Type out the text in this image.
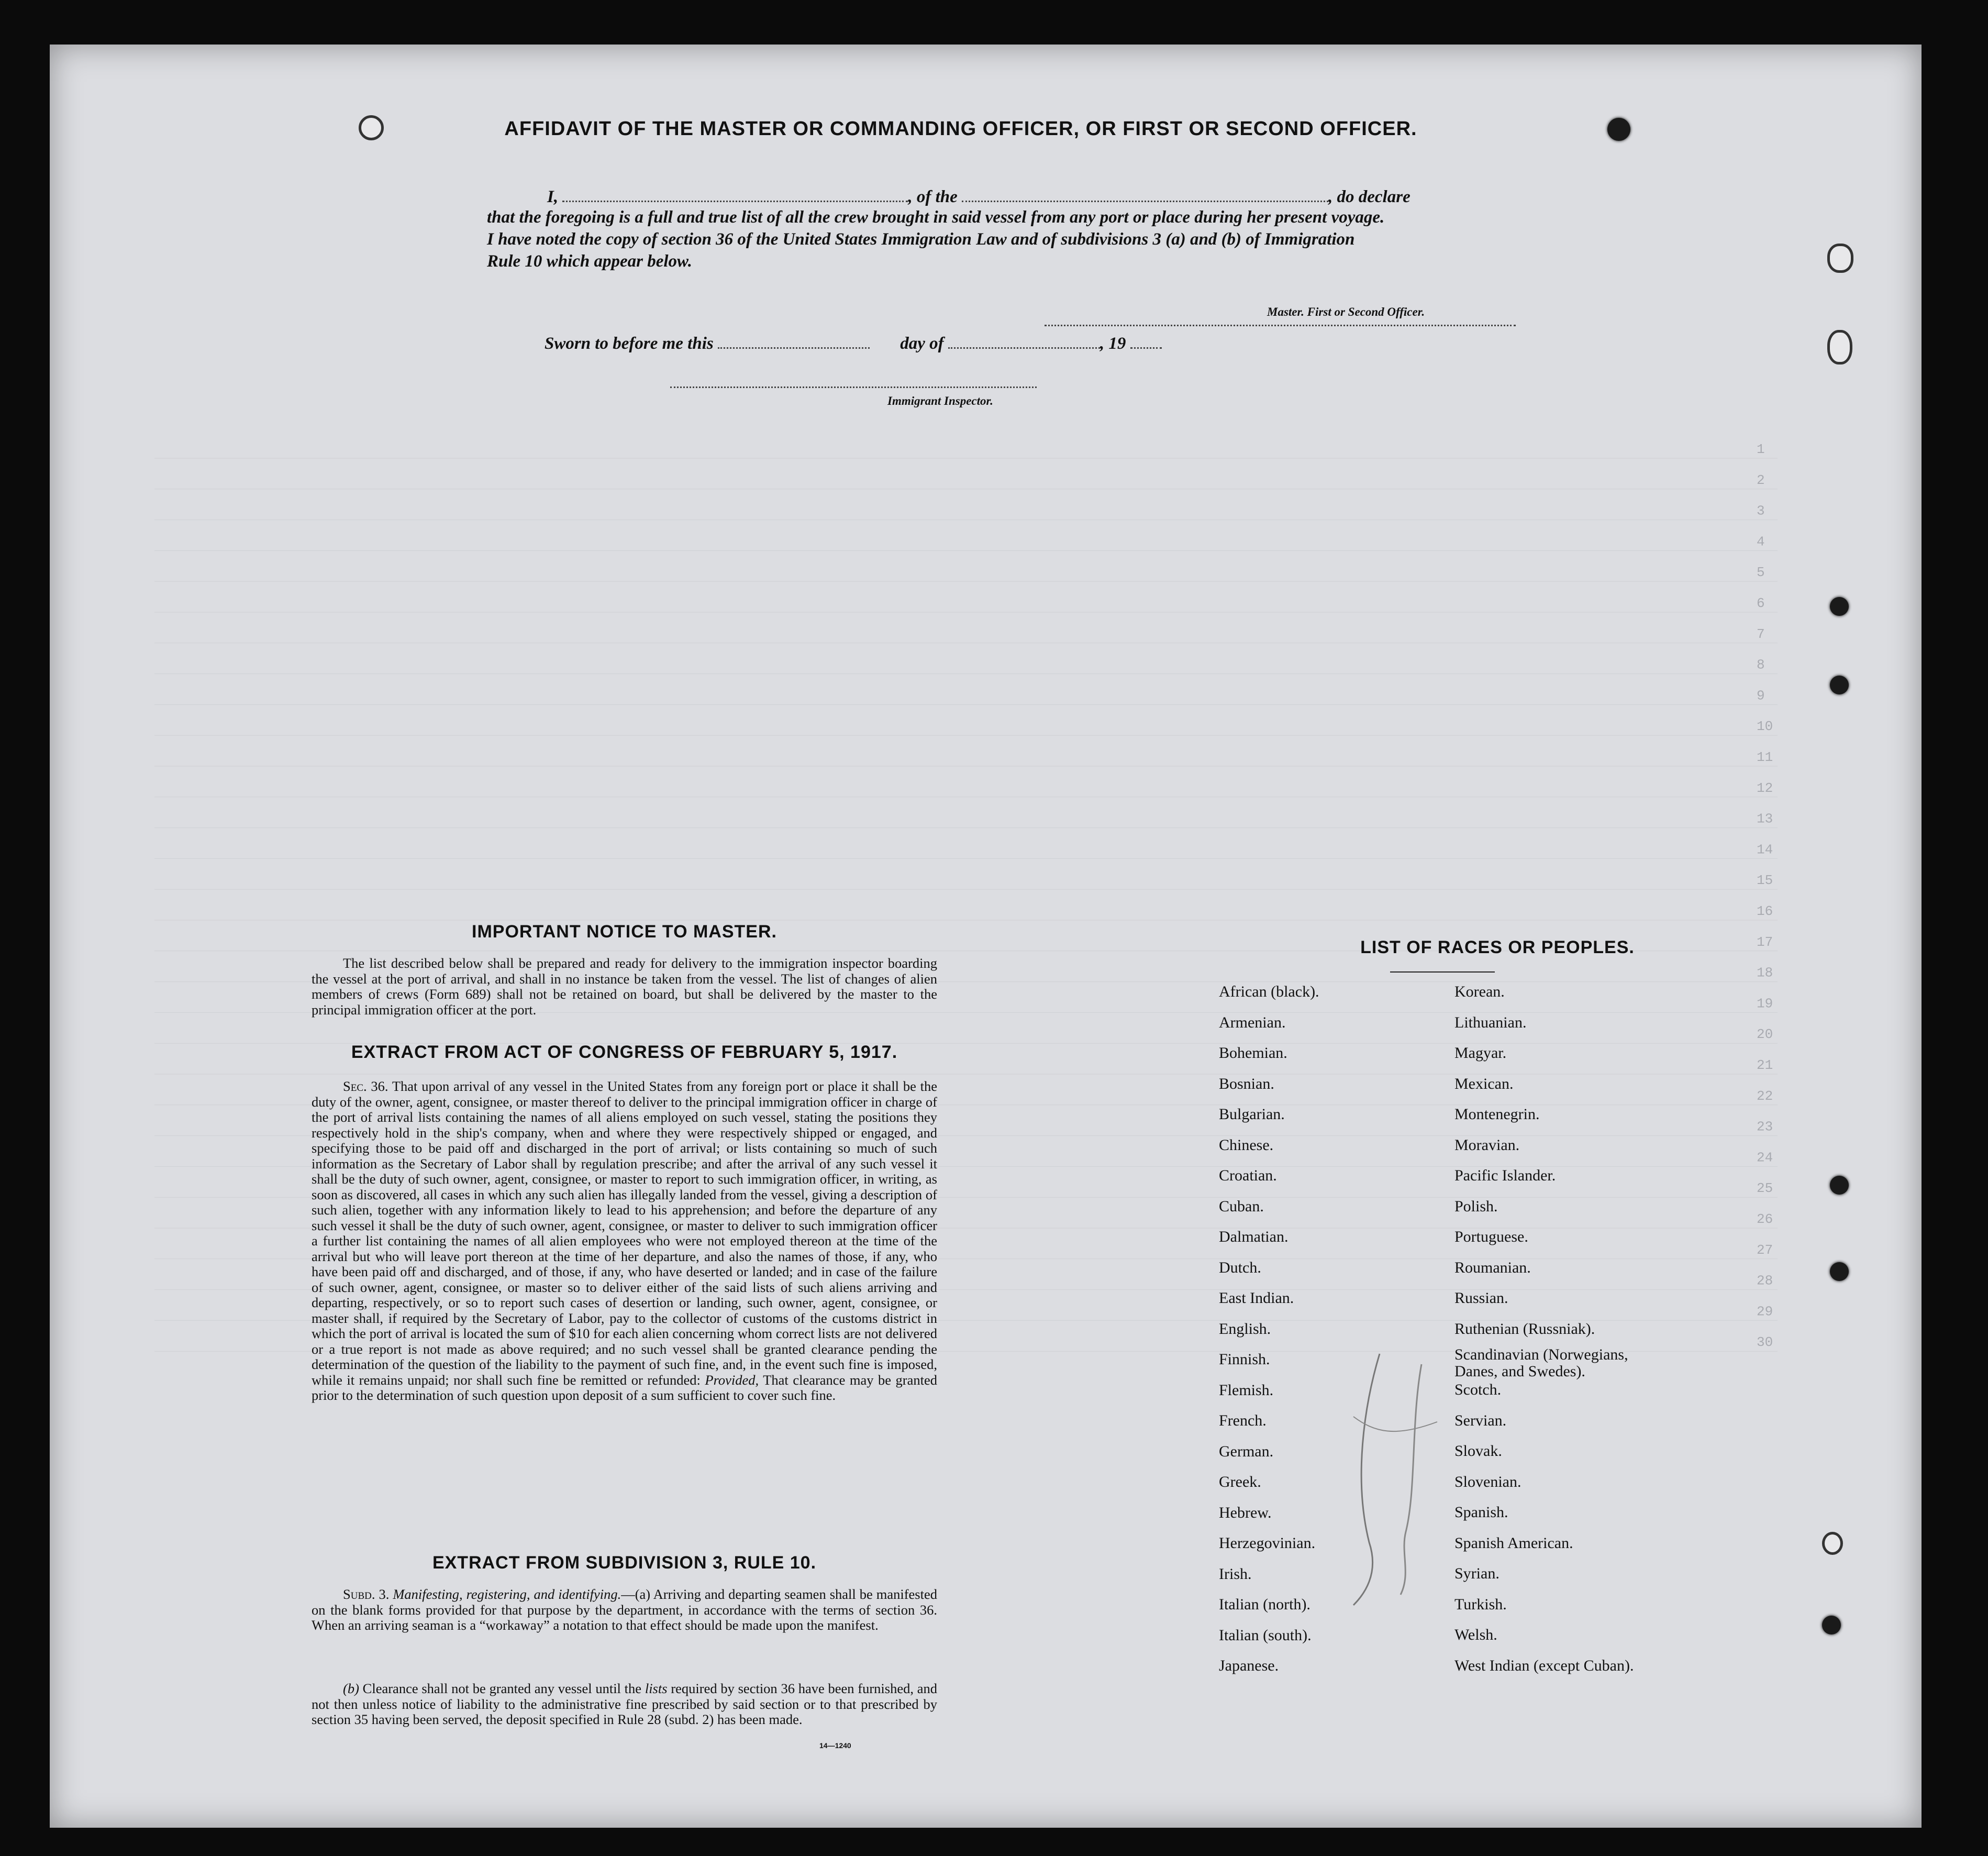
1
2
3
4
5
6
7
8
9
10
11
12
13
14
15
16
17
18
19
20
21
22
23
24
25
26
27
28
29
30
AFFIDAVIT OF THE MASTER OR COMMANDING OFFICER, OR FIRST OR SECOND OFFICER.
I,	, of the	, do declare
that the foregoing is a full and true list of all the crew brought in said vessel from any port or place during her present voyage.
I have noted the copy of section 36 of the United States Immigration Law and of subdivisions 3 (a) and (b) of Immigration
Rule 10 which appear below.
Master. First or Second Officer.
Sworn to before me this	day of	, 19
Immigrant Inspector.
IMPORTANT NOTICE TO MASTER.
The list described below shall be prepared and ready for delivery to the immigration inspector boarding the vessel at the port of arrival, and shall in no instance be taken from the vessel. The list of changes of alien members of crews (Form 689) shall not be retained on board, but shall be delivered by the master to the principal immigration officer at the port.
EXTRACT FROM ACT OF CONGRESS OF FEBRUARY 5, 1917.
Sec. 36. That upon arrival of any vessel in the United States from any foreign port or place it shall be the duty of the owner, agent, consignee, or master thereof to deliver to the principal immigration officer in charge of the port of arrival lists containing the names of all aliens employed on such vessel, stating the positions they respectively hold in the ship's company, when and where they were respectively shipped or engaged, and specifying those to be paid off and discharged in the port of arrival; or lists containing so much of such information as the Secretary of Labor shall by regulation prescribe; and after the arrival of any such vessel it shall be the duty of such owner, agent, consignee, or master to report to such immigration officer, in writing, as soon as discovered, all cases in which any such alien has illegally landed from the vessel, giving a description of such alien, together with any information likely to lead to his apprehension; and before the departure of any such vessel it shall be the duty of such owner, agent, consignee, or master to deliver to such immigration officer a further list containing the names of all alien employees who were not employed thereon at the time of the arrival but who will leave port thereon at the time of her departure, and also the names of those, if any, who have been paid off and discharged, and of those, if any, who have deserted or landed; and in case of the failure of such owner, agent, consignee, or master so to deliver either of the said lists of such aliens arriving and departing, respectively, or so to report such cases of desertion or landing, such owner, agent, consignee, or master shall, if required by the Secretary of Labor, pay to the collector of customs of the customs district in which the port of arrival is located the sum of $10 for each alien concerning whom correct lists are not delivered or a true report is not made as above required; and no such vessel shall be granted clearance pending the determination of the question of the liability to the payment of such fine, and, in the event such fine is imposed, while it remains unpaid; nor shall such fine be remitted or refunded: Provided, That clearance may be granted prior to the determination of such question upon deposit of a sum sufficient to cover such fine.
EXTRACT FROM SUBDIVISION 3, RULE 10.
Subd. 3. Manifesting, registering, and identifying.—(a) Arriving and departing seamen shall be manifested on the blank forms provided for that purpose by the department, in accordance with the terms of section 36. When an arriving seaman is a “workaway” a notation to that effect should be made upon the manifest.
(b) Clearance shall not be granted any vessel until the lists required by section 36 have been furnished, and not then unless notice of liability to the administrative fine prescribed by said section or to that prescribed by section 35 having been served, the deposit specified in Rule 28 (subd. 2) has been made.
14—1240
LIST OF RACES OR PEOPLES.
African (black).
Armenian.
Bohemian.
Bosnian.
Bulgarian.
Chinese.
Croatian.
Cuban.
Dalmatian.
Dutch.
East Indian.
English.
Finnish.
Flemish.
French.
German.
Greek.
Hebrew.
Herzegovinian.
Irish.
Italian (north).
Italian (south).
Japanese.
Korean.
Lithuanian.
Magyar.
Mexican.
Montenegrin.
Moravian.
Pacific Islander.
Polish.
Portuguese.
Roumanian.
Russian.
Ruthenian (Russniak).
Scandinavian (Norwegians, Danes, and Swedes).
Scotch.
Servian.
Slovak.
Slovenian.
Spanish.
Spanish American.
Syrian.
Turkish.
Welsh.
West Indian (except Cuban).
